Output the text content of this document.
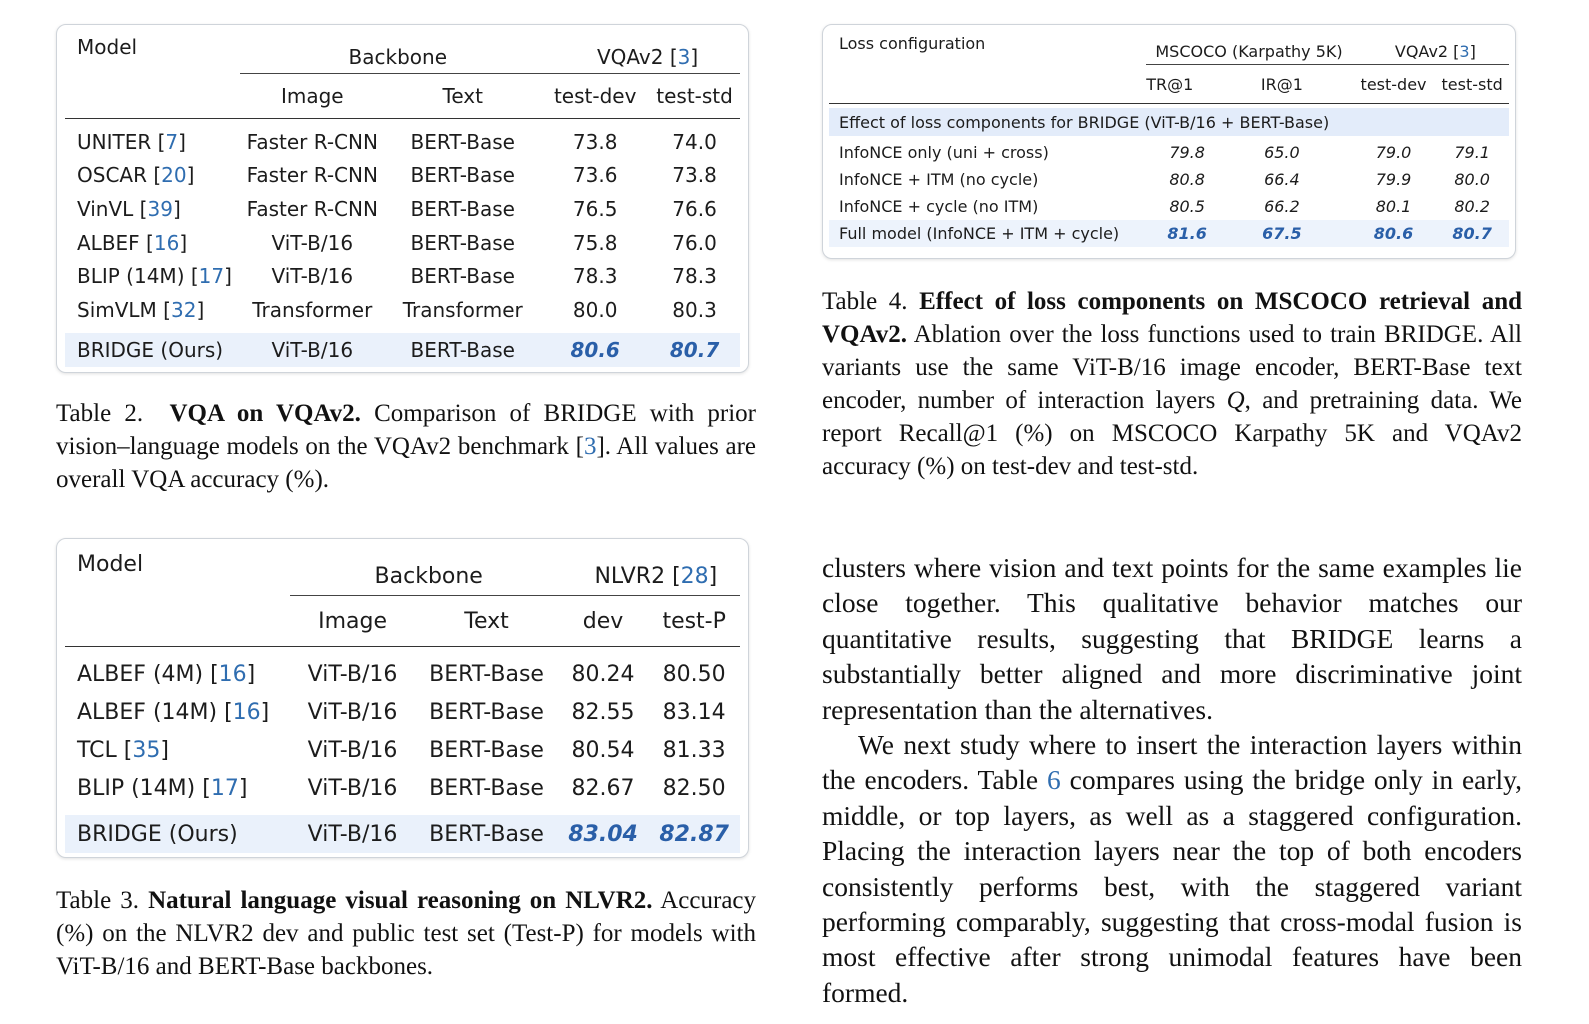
Model	Backbone		VQAv2 [3]	
	Image	Text	test-dev	test-std

UNITER [7]	Faster R-CNN	BERT-Base	73.8	74.0
OSCAR [20]	Faster R-CNN	BERT-Base	73.6	73.8
VinVL [39]	Faster R-CNN	BERT-Base	76.5	76.6
ALBEF [16]	ViT-B/16	BERT-Base	75.8	76.0
BLIP (14M) [17]	ViT-B/16	BERT-Base	78.3	78.3
SimVLM [32]	Transformer	Transformer	80.0	80.3

BRIDGE (Ours)	ViT-B/16	BERT-Base	80.6	80.7
Table 2. VQA on VQAv2. Comparison of BRIDGE with prior vision–language models on the VQAv2 benchmark [3]. All values are overall VQA accuracy (%).
Model	Backbone		NLVR2 [28]	
	Image	Text	dev	test-P

ALBEF (4M) [16]	ViT-B/16	BERT-Base	80.24	80.50
ALBEF (14M) [16]	ViT-B/16	BERT-Base	82.55	83.14
TCL [35]	ViT-B/16	BERT-Base	80.54	81.33
BLIP (14M) [17]	ViT-B/16	BERT-Base	82.67	82.50

BRIDGE (Ours)	ViT-B/16	BERT-Base	83.04	82.87
Table 3. Natural language visual reasoning on NLVR2. Accuracy (%) on the NLVR2 dev and public test set (Test-P) for models with ViT-B/16 and BERT-Base backbones.
Loss configuration	MSCOCO (Karpathy 5K)		VQAv2 [3]	
	TR@1	IR@1	test-dev	test-std

Effect of loss components for BRIDGE (ViT-B/16 + BERT-Base)				

InfoNCE only (uni + cross)	79.8	65.0	79.0	79.1
InfoNCE + ITM (no cycle)	80.8	66.4	79.9	80.0
InfoNCE + cycle (no ITM)	80.5	66.2	80.1	80.2
Full model (InfoNCE + ITM + cycle)	81.6	67.5	80.6	80.7
Table 4. Effect of loss components on MSCOCO retrieval and VQAv2. Ablation over the loss functions used to train BRIDGE. All variants use the same ViT-B/16 image encoder, BERT-Base text encoder, number of interaction layers Q, and pretraining data. We report Recall@1 (%) on MSCOCO Karpathy 5K and VQAv2 accuracy (%) on test-dev and test-std.

clusters where vision and text points for the same examples lie close together. This qualitative behavior matches our quantitative results, suggesting that BRIDGE learns a substantially better aligned and more discriminative joint representation than the alternatives.

We next study where to insert the interaction layers within the encoders. Table 6 compares using the bridge only in early, middle, or top layers, as well as a staggered configuration. Placing the interaction layers near the top of both encoders consistently performs best, with the staggered variant performing comparably, suggesting that cross-modal fusion is most effective after strong unimodal features have been formed.
